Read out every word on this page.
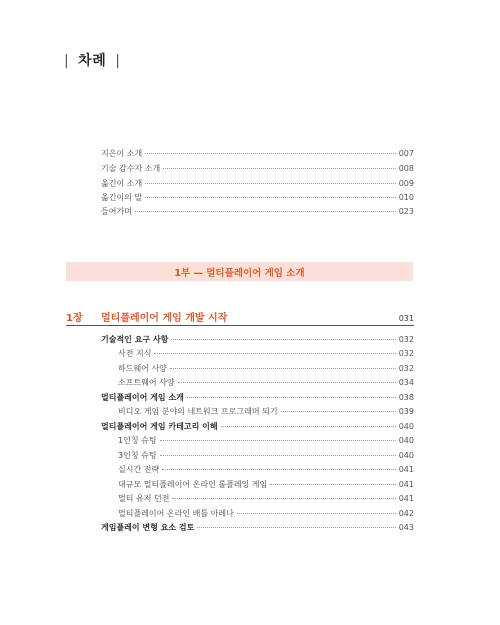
| 차례 |
지은이 소개	007
기술 감수자 소개	008
옮긴이 소개	009
옮긴이의 말	010
들어가며	023
1부 — 멀티플레이어 게임 소개
1장	멀티플레이어 게임 개발 시작	031
기술적인 요구 사항	032
사전 지식	032
하드웨어 사양	032
소프트웨어 사양	034
멀티플레이어 게임 소개	038
비디오 게임 분야의 네트워크 프로그래머 되기	039
멀티플레이어 게임 카테고리 이해	040
1인칭 슈팅	040
3인칭 슈팅	040
실시간 전략	041
대규모 멀티플레이어 온라인 롤플레잉 게임	041
멀티 유저 던전	041
멀티플레이어 온라인 배틀 아레나	042
게임플레이 변형 요소 검토	043
